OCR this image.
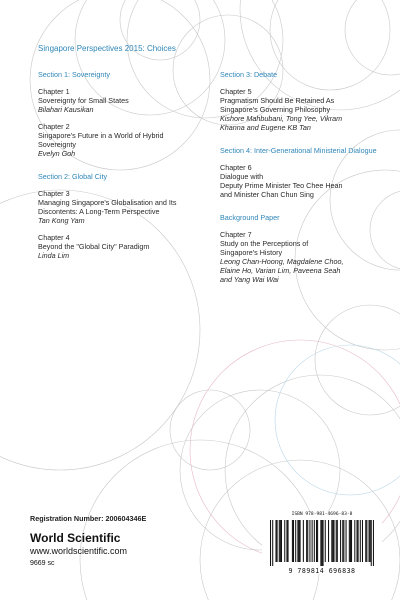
Singapore Perspectives 2015: Choices
Section 1: Sovereignty
Chapter 1
Sovereignty for Small States
Bilahari Kausikan
Chapter 2
Singapore's Future in a World of Hybrid
Sovereignty
Evelyn Goh
Section 2: Global City
Chapter 3
Managing Singapore's Globalisation and Its
Discontents: A Long-Term Perspective
Tan Kong Yam
Chapter 4
Beyond the "Global City" Paradigm
Linda Lim
Section 3: Debate
Chapter 5
Pragmatism Should Be Retained As
Singapore's Governing Philosophy
Kishore Mahbubani, Tong Yee, Vikram
Khanna and Eugene KB Tan
Section 4: Inter-Generational Ministerial Dialogue
Chapter 6
Dialogue with
Deputy Prime Minister Teo Chee Hean
and Minister Chan Chun Sing
Background Paper
Chapter 7
Study on the Perceptions of
Singapore's History
Leong Chan-Hoong, Magdalene Choo,
Elaine Ho, Varian Lim, Paveena Seah
and Yang Wai Wai
Registration Number: 200604346E
World Scientific
www.worldscientific.com
9669 sc
ISBN 978-981-4696-83-8
9 789814 696838
